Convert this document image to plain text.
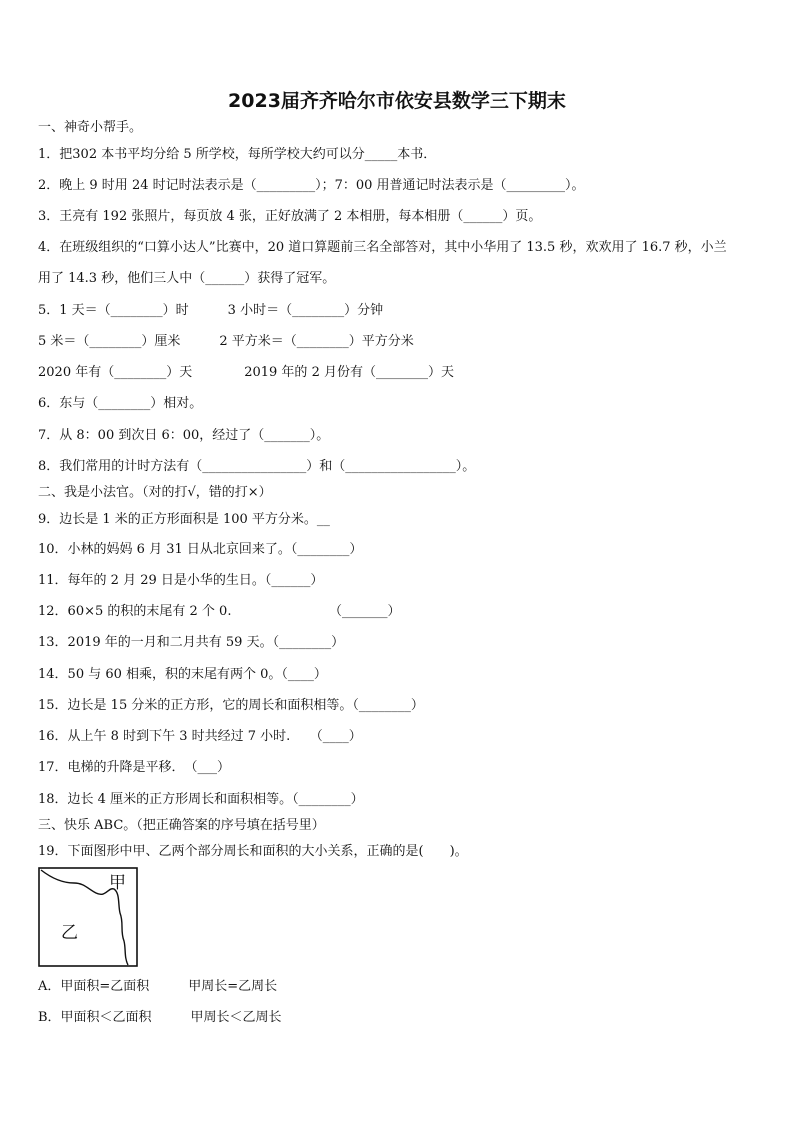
2023届齐齐哈尔市依安县数学三下期末
一、神奇小帮手。
1．把302 本书平均分给 5 所学校，每所学校大约可以分_____本书．
2．晚上 9 时用 24 时记时法表示是（_________）；7：00 用普通记时法表示是（_________）。
3．王亮有 192 张照片，每页放 4 张，正好放满了 2 本相册，每本相册（______）页。
4．在班级组织的“口算小达人”比赛中，20 道口算题前三名全部答对，其中小华用了 13.5 秒，欢欢用了 16.7 秒，小兰
用了 14.3 秒，他们三人中（______）获得了冠军。
5．1 天＝（________）时　　　3 小时＝（________）分钟
5 米＝（________）厘米　　　2 平方米＝（________）平方分米
2020 年有（________）天　　　　2019 年的 2 月份有（________）天
6．东与（________）相对。
7．从 8：00 到次日 6：00，经过了（_______）。
8．我们常用的计时方法有（________________）和（_________________）。
二、我是小法官。（对的打√，错的打×）
9．边长是 1 米的正方形面积是 100 平方分米。__
10．小林的妈妈 6 月 31 日从北京回来了。（________）
11．每年的 2 月 29 日是小华的生日。（______）
12．60×5 的积的末尾有 2 个 0.　　　　　　　　（_______）
13．2019 年的一月和二月共有 59 天。（________）
14．50 与 60 相乘，积的末尾有两个 0。（____）
15．边长是 15 分米的正方形，它的周长和面积相等。（________）
16．从上午 8 时到下午 3 时共经过 7 小时.　　（____）
17．电梯的升降是平移．　（___）
18．边长 4 厘米的正方形周长和面积相等。（________）
三、快乐 ABC。（把正确答案的序号填在括号里）
19．下面图形中甲、乙两个部分周长和面积的大小关系，正确的是(　　)。
甲
乙
A．甲面积=乙面积　　　甲周长=乙周长
B．甲面积＜乙面积　　　甲周长＜乙周长
